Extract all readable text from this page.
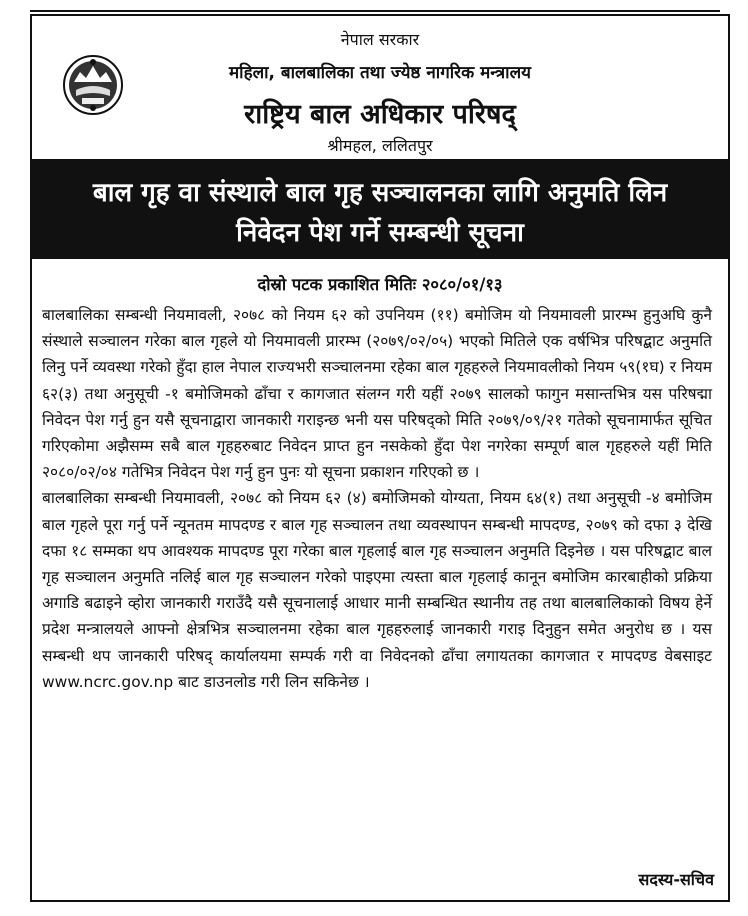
नेपाल सरकार
महिला, बालबालिका तथा ज्येष्ठ नागरिक मन्त्रालय
राष्ट्रिय बाल अधिकार परिषद्
श्रीमहल, ललितपुर
बाल गृह वा संस्थाले बाल गृह सञ्चालनका लागि अनुमति लिन
निवेदन पेश गर्ने सम्बन्धी सूचना
दोस्रो पटक प्रकाशित मितिः २०८०/०१/१३

बालबालिका सम्बन्धी नियमावली, २०७८ को नियम ६२ को उपनियम (११) बमोजिम यो नियमावली प्रारम्भ हुनुअघि कुनै संस्थाले सञ्चालन गरेका बाल गृहले यो नियमावली प्रारम्भ (२०७९/०२/०५) भएको मितिले एक वर्षभित्र परिषद्बाट अनुमति लिनु पर्ने व्यवस्था गरेको हुँदा हाल नेपाल राज्यभरी सञ्चालनमा रहेका बाल गृहहरुले नियमावलीको नियम ५९(१घ) र नियम ६२(३) तथा अनुसूची -१ बमोजिमको ढाँचा र कागजात संलग्न गरी यहीं २०७९ सालको फागुन मसान्तभित्र यस परिषद्मा निवेदन पेश गर्नु हुन यसै सूचनाद्वारा जानकारी गराइन्छ भनी यस परिषद्को मिति २०७९/०९/२१ गतेको सूचनामार्फत सूचित गरिएकोमा अझैसम्म सबै बाल गृहहरुबाट निवेदन प्राप्त हुन नसकेको हुँदा पेश नगरेका सम्पूर्ण बाल गृहहरुले यहीं मिति २०८०/०२/०४ गतेभित्र निवेदन पेश गर्नु हुन पुनः यो सूचना प्रकाशन गरिएको छ ।

बालबालिका सम्बन्धी नियमावली, २०७८ को नियम ६२ (४) बमोजिमको योग्यता, नियम ६४(१) तथा अनुसूची -४ बमोजिम बाल गृहले पूरा गर्नु पर्ने न्यूनतम मापदण्ड र बाल गृह सञ्चालन तथा व्यवस्थापन सम्बन्धी मापदण्ड, २०७९ को दफा ३ देखि दफा १८ सम्मका थप आवश्यक मापदण्ड पूरा गरेका बाल गृहलाई बाल गृह सञ्चालन अनुमति दिइनेछ । यस परिषद्बाट बाल गृह सञ्चालन अनुमति नलिई बाल गृह सञ्चालन गरेको पाइएमा त्यस्ता बाल गृहलाई कानून बमोजिम कारबाहीको प्रक्रिया अगाडि बढाइने व्होरा जानकारी गराउँदै यसै सूचनालाई आधार मानी सम्बन्धित स्थानीय तह तथा बालबालिकाको विषय हेर्ने प्रदेश मन्त्रालयले आफ्नो क्षेत्रभित्र सञ्चालनमा रहेका बाल गृहहरुलाई जानकारी गराइ दिनुहुन समेत अनुरोध छ । यस सम्बन्धी थप जानकारी परिषद् कार्यालयमा सम्पर्क गरी वा निवेदनको ढाँचा लगायतका कागजात र मापदण्ड वेबसाइट www.ncrc.gov.np बाट डाउनलोड गरी लिन सकिनेछ ।

सदस्य-सचिव
